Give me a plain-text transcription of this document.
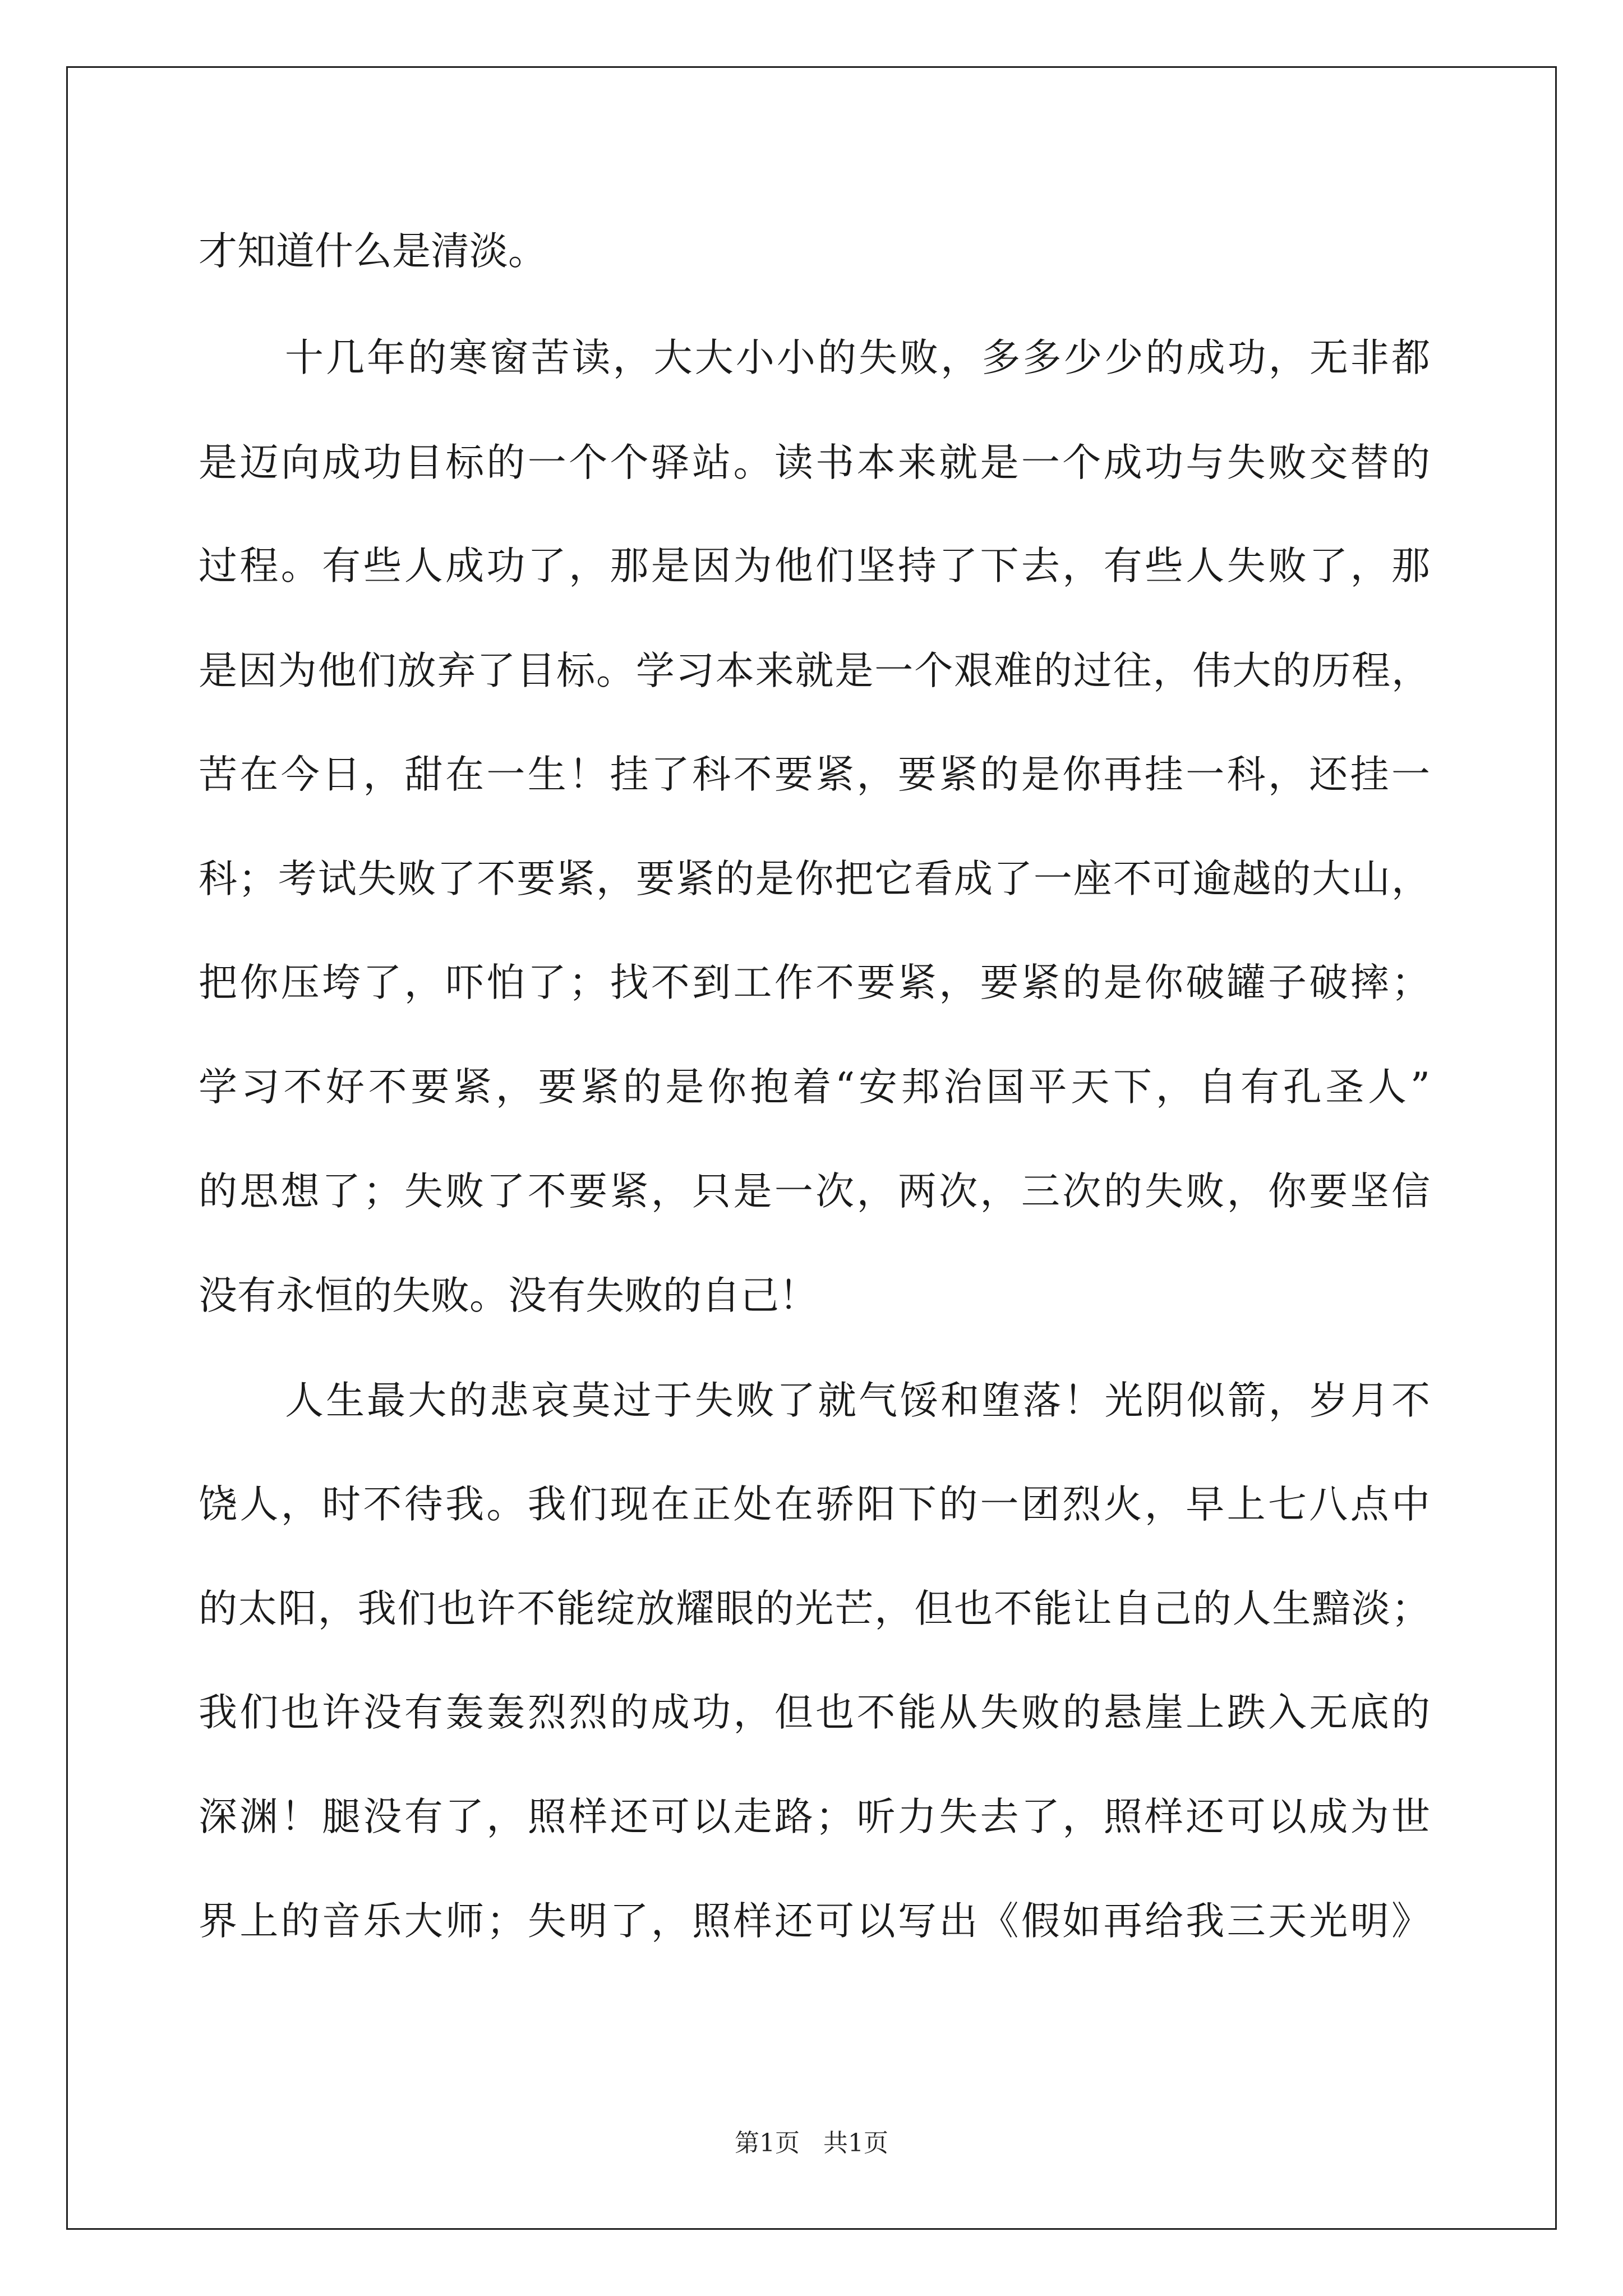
才知道什么是清淡。
十几年的寒窗苦读，大大小小的失败，多多少少的成功，无非都
是迈向成功目标的一个个驿站。读书本来就是一个成功与失败交替的
过程。有些人成功了，那是因为他们坚持了下去，有些人失败了，那
是因为他们放弃了目标。学习本来就是一个艰难的过往，伟大的历程，
苦在今日，甜在一生！挂了科不要紧，要紧的是你再挂一科，还挂一
科；考试失败了不要紧，要紧的是你把它看成了一座不可逾越的大山，
把你压垮了，吓怕了；找不到工作不要紧，要紧的是你破罐子破摔；
学习不好不要紧，要紧的是你抱着“安邦治国平天下，自有孔圣人”
的思想了；失败了不要紧，只是一次，两次，三次的失败，你要坚信
没有永恒的失败。没有失败的自己！
人生最大的悲哀莫过于失败了就气馁和堕落！光阴似箭，岁月不
饶人，时不待我。我们现在正处在骄阳下的一团烈火，早上七八点中
的太阳，我们也许不能绽放耀眼的光芒，但也不能让自己的人生黯淡；
我们也许没有轰轰烈烈的成功，但也不能从失败的悬崖上跌入无底的
深渊！腿没有了，照样还可以走路；听力失去了，照样还可以成为世
界上的音乐大师；失明了，照样还可以写出《假如再给我三天光明》
第1页   共1页
